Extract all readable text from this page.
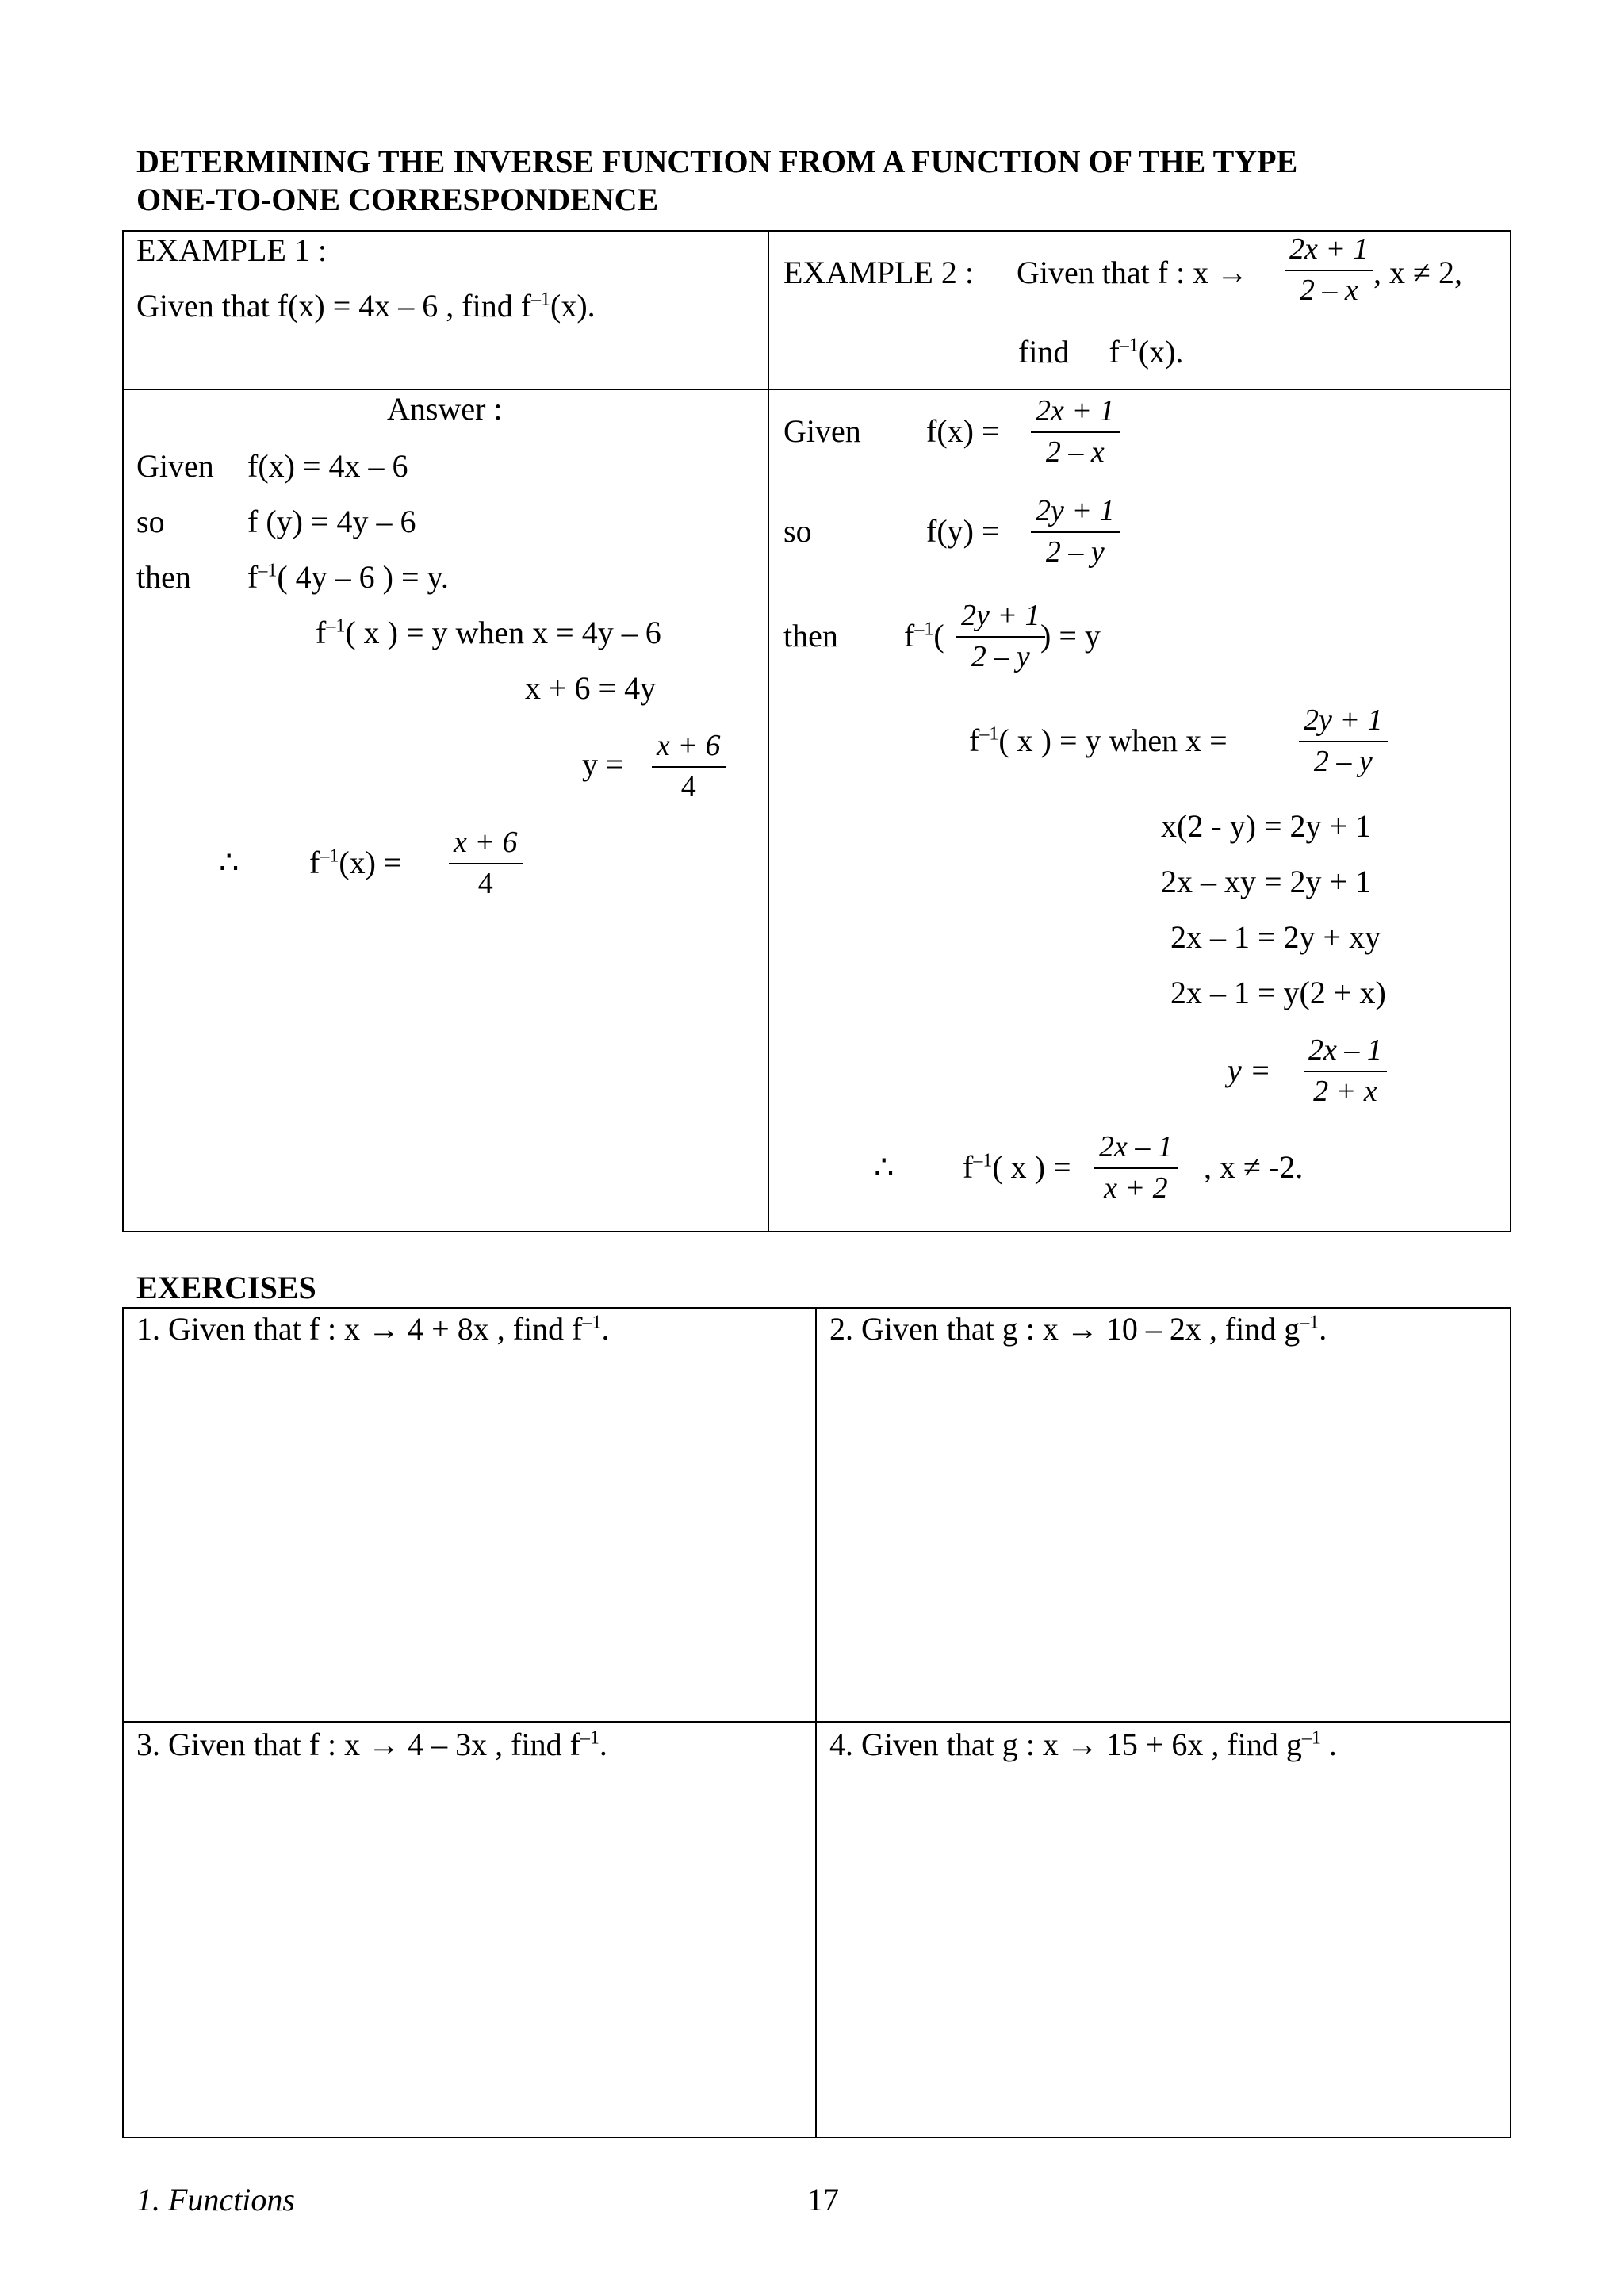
DETERMINING THE INVERSE FUNCTION FROM A FUNCTION OF THE TYPE
ONE-TO-ONE CORRESPONDENCE
EXAMPLE 1 :
Given that f(x) = 4x – 6 , find $f^{-1}(x)$.
EXAMPLE 2 : Given that f : $x \to \frac{2x + 1}{2 - x}$ , x ≠ 2,
find $f^{-1}(x)$.
Answer :
Given f(x) = 4x – 6
so	f (y) = 4y – 6
then $f^{-1}$( 4y – 6 ) = y.
$f^{-1}$( x ) = y when x = 4y – 6
x + 6 = 4y
$y = \frac{x + 6}{4}$
∴ $f^{-1}(x) = \frac{x + 6}{4}$
Given $f(x) = \frac{2x + 1}{2 - x}$
so	$f(y) = \frac{2y + 1}{2 - y}$
then $f^{-1}( \frac{2y + 1}{2 - y}$
) = y
$f^{-1}$( x ) = y when $x = \frac{2y + 1}{2 - y}$
x(2 - y) = 2y + 1
2x – xy = 2y + 1
2x – 1 = 2y + xy
2x – 1 = y(2 + x)
$y = \frac{2x - 1}{2 + x}$
∴ $f^{-1}$( x ) = $\frac{2x - 1}{x + 2}$ , x ≠ -2.
EXERCISES
1. Given that f : x → 4 + 8x , find $f^{-1}$.	2. Given that g : x → 10 – 2x , find $g^{-1}$.
3. Given that f : x → 4 – 3x , find $f^{-1}$.	4. Given that g : x → 15 + 6x , find $g^{-1}$ .
1. Functions	17
